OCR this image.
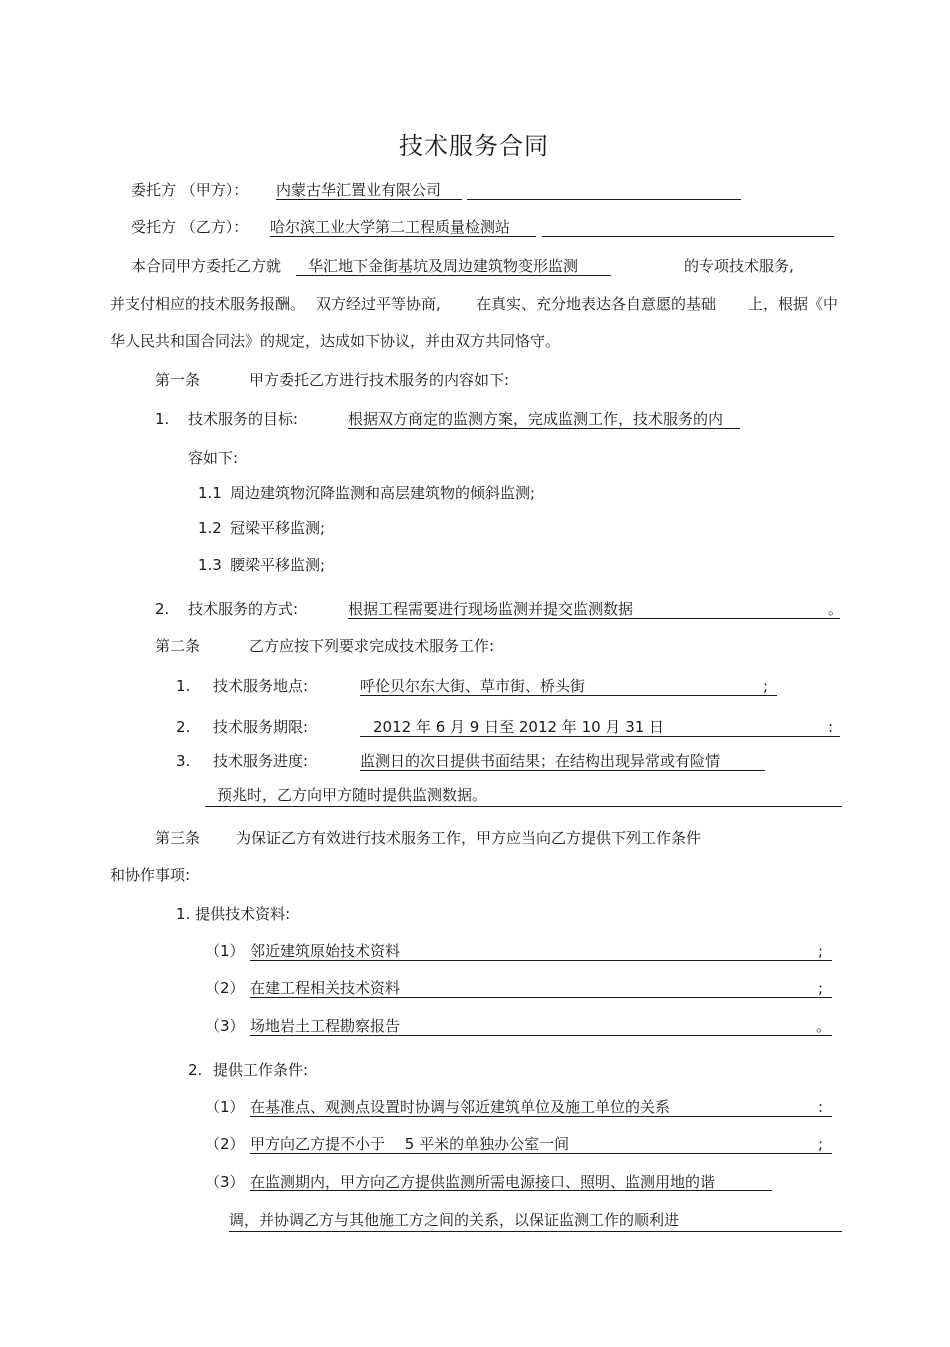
技术服务合同
委托方 （甲方）： 内蒙古华汇置业有限公司
受托方 （乙方）： 哈尔滨工业大学第二工程质量检测站
本合同甲方委托乙方就 华汇地下金街基坑及周边建筑物变形监测	的专项技术服务,
并支付相应的技术服务报酬。 双方经过平等协商, 在真实、充分地表达各自意愿的基础 上，根据《中
华人民共和国合同法》的规定，达成如下协议，并由双方共同恪守。
第一条	甲方委托乙方进行技术服务的内容如下:
1. 技术服务的目标:	根据双方商定的监测方案，完成监测工作，技术服务的内
容如下:
1.1 周边建筑物沉降监测和高层建筑物的倾斜监测;
1.2 冠梁平移监测;
1.3 腰梁平移监测;
2. 技术服务的方式:	根据工程需要进行现场监测并提交监测数据	。
第二条	乙方应按下列要求完成技术服务工作:
1. 技术服务地点:	呼伦贝尔东大街、草市街、桥头街	;
2. 技术服务期限:	2012 年 6 月 9 日至 2012 年 10 月 31 日	:
3. 技术服务进度:	监测日的次日提供书面结果；在结构出现异常或有险情
预兆时，乙方向甲方随时提供监测数据。
第三条 为保证乙方有效进行技术服务工作，甲方应当向乙方提供下列工作条件
和协作事项:
1. 提供技术资料:
（1） 邻近建筑原始技术资料	;
（2） 在建工程相关技术资料	;
（3） 场地岩土工程勘察报告	。
2. 提供工作条件:
（1） 在基准点、观测点设置时协调与邻近建筑单位及施工单位的关系	:
（2） 甲方向乙方提不小于　 5 平米的单独办公室一间	;
（3） 在监测期内，甲方向乙方提供监测所需电源接口、照明、监测用地的谐
调，并协调乙方与其他施工方之间的关系，以保证监测工作的顺利进
